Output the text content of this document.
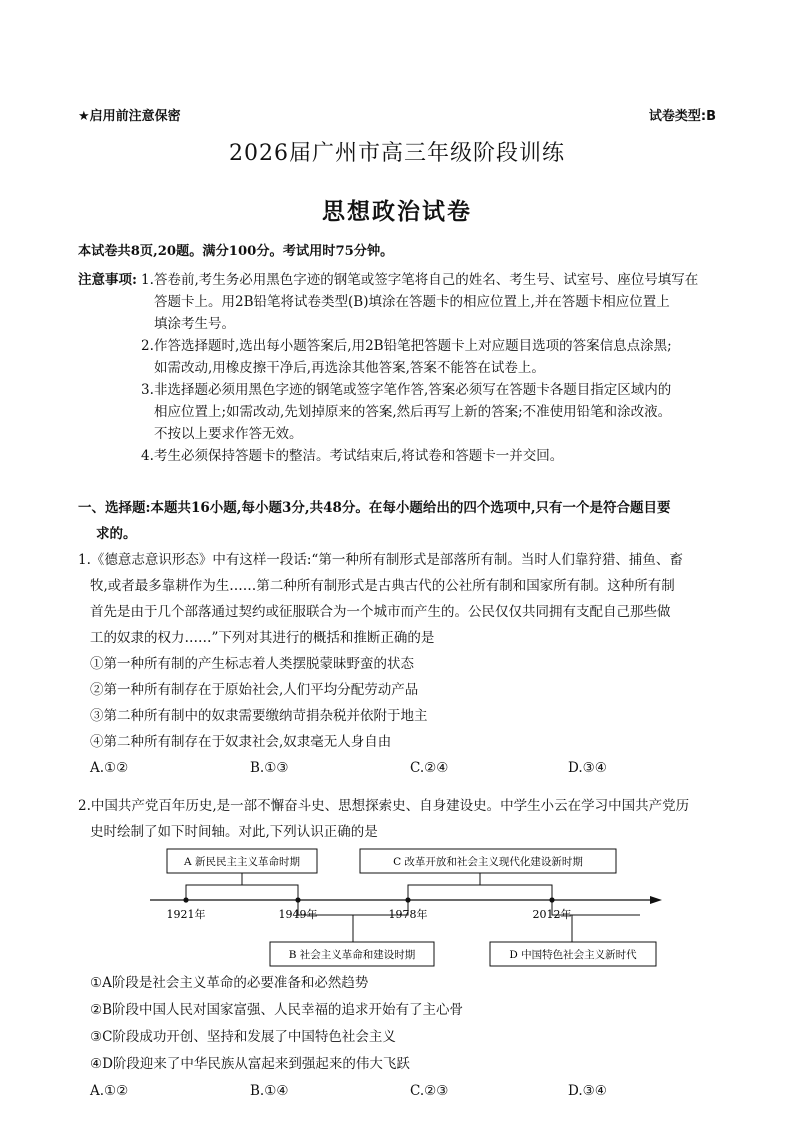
★启用前注意保密	试卷类型:B
2026届广州市高三年级阶段训练
思想政治试卷
本试卷共8页,20题。满分100分。考试用时75分钟。
注意事项: 1. 答卷前,考生务必用黑色字迹的钢笔或签字笔将自己的姓名、考生号、试室号、座位号填写在
答题卡上。用2B铅笔将试卷类型(B)填涂在答题卡的相应位置上,并在答题卡相应位置上
填涂考生号。
2. 作答选择题时,选出每小题答案后,用2B铅笔把答题卡上对应题目选项的答案信息点涂黑;
如需改动,用橡皮擦干净后,再选涂其他答案,答案不能答在试卷上。
3. 非选择题必须用黑色字迹的钢笔或签字笔作答,答案必须写在答题卡各题目指定区域内的
相应位置上;如需改动,先划掉原来的答案,然后再写上新的答案;不准使用铅笔和涂改液。
不按以上要求作答无效。
4. 考生必须保持答题卡的整洁。考试结束后,将试卷和答题卡一并交回。
一、选择题:本题共16小题,每小题3分,共48分。在每小题给出的四个选项中,只有一个是符合题目要
求的。
1.《德意志意识形态》中有这样一段话:“第一种所有制形式是部落所有制。当时人们靠狩猎、捕鱼、畜
牧,或者最多靠耕作为生……第二种所有制形式是古典古代的公社所有制和国家所有制。这种所有制
首先是由于几个部落通过契约或征服联合为一个城市而产生的。公民仅仅共同拥有支配自己那些做
工的奴隶的权力……”下列对其进行的概括和推断正确的是
①第一种所有制的产生标志着人类摆脱蒙昧野蛮的状态
②第一种所有制存在于原始社会,人们平均分配劳动产品
③第二种所有制中的奴隶需要缴纳苛捐杂税并依附于地主
④第二种所有制存在于奴隶社会,奴隶毫无人身自由
A.①②	B.①③	C.②④	D.③④
2.中国共产党百年历史,是一部不懈奋斗史、思想探索史、自身建设史。中学生小云在学习中国共产党历
史时绘制了如下时间轴。对此,下列认识正确的是
1921年	1949年	1978年	2012年
A 新民民主主义革命时期	C 改革开放和社会主义现代化建设新时期
B 社会主义革命和建设时期	D 中国特色社会主义新时代
①A阶段是社会主义革命的必要准备和必然趋势
②B阶段中国人民对国家富强、人民幸福的追求开始有了主心骨
③C阶段成功开创、坚持和发展了中国特色社会主义
④D阶段迎来了中华民族从富起来到强起来的伟大飞跃
A.①②	B.①④	C.②③	D.③④
